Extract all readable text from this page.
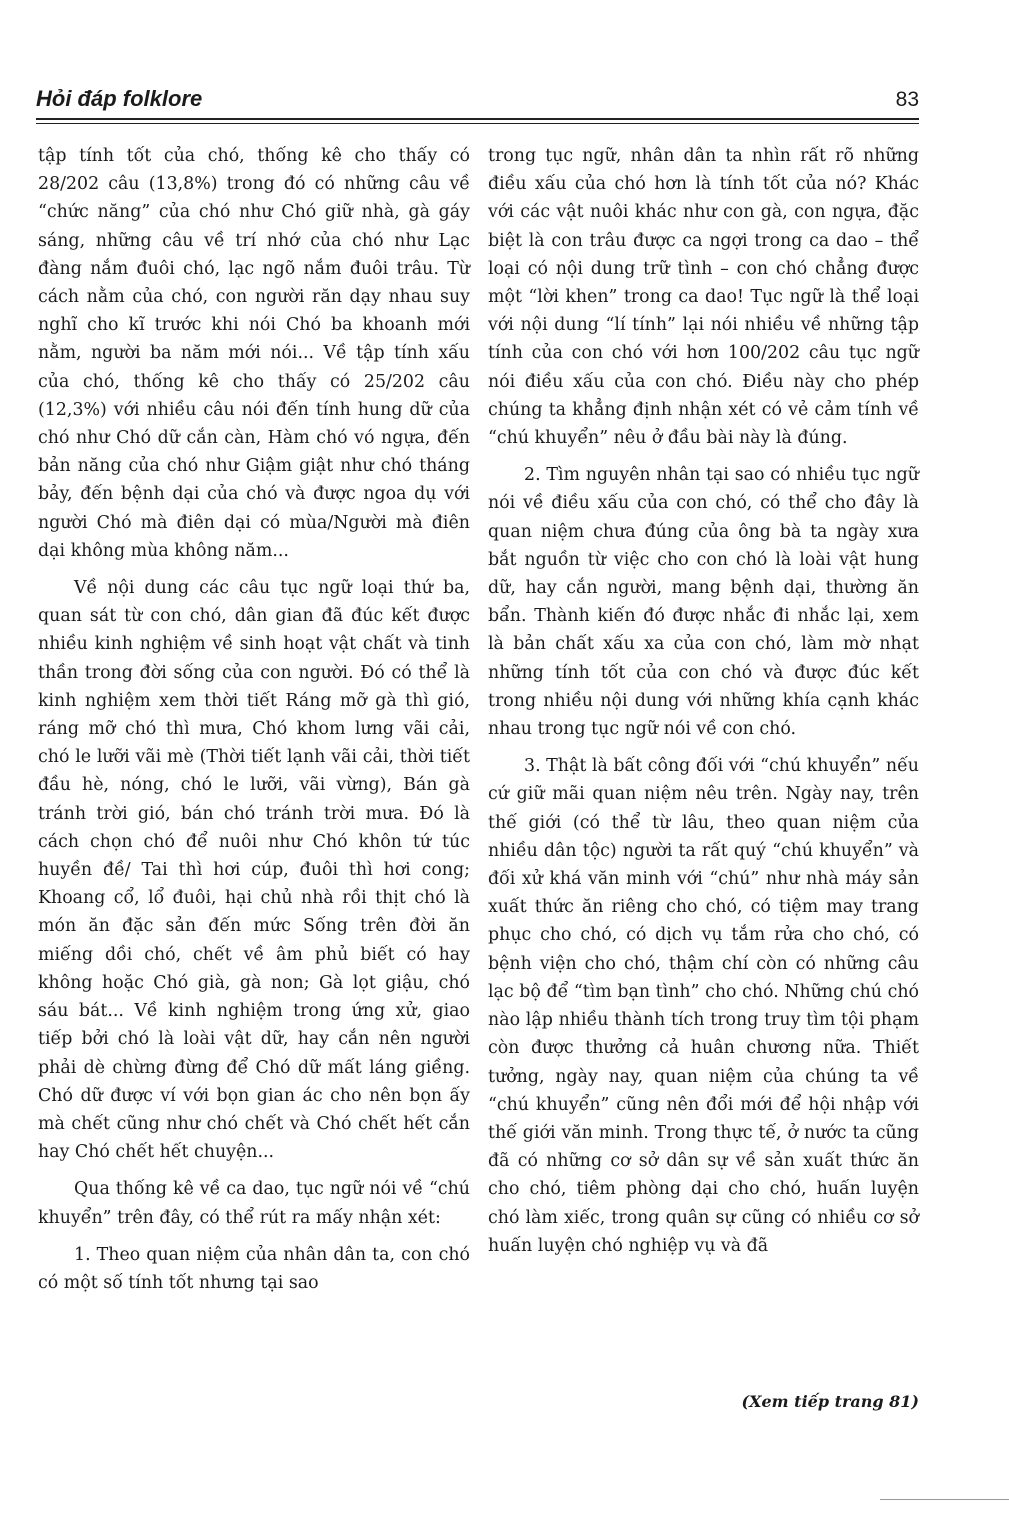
Hỏi đáp folklore	83

tập tính tốt của chó, thống kê cho thấy có 28/202 câu (13,8%) trong đó có những câu về “chức năng” của chó như Chó giữ nhà, gà gáy sáng, những câu về trí nhớ của chó như Lạc đàng nắm đuôi chó, lạc ngõ nắm đuôi trâu. Từ cách nằm của chó, con người răn dạy nhau suy nghĩ cho kĩ trước khi nói Chó ba khoanh mới nằm, người ba năm mới nói... Về tập tính xấu của chó, thống kê cho thấy có 25/202 câu (12,3%) với nhiều câu nói đến tính hung dữ của chó như Chó dữ cắn càn, Hàm chó vó ngựa, đến bản năng của chó như Giậm giật như chó tháng bảy, đến bệnh dại của chó và được ngoa dụ với người Chó mà điên dại có mùa/Người mà điên dại không mùa không năm...

Về nội dung các câu tục ngữ loại thứ ba, quan sát từ con chó, dân gian đã đúc kết được nhiều kinh nghiệm về sinh hoạt vật chất và tinh thần trong đời sống của con người. Đó có thể là kinh nghiệm xem thời tiết Ráng mỡ gà thì gió, ráng mỡ chó thì mưa, Chó khom lưng vãi cải, chó le lưỡi vãi mè (Thời tiết lạnh vãi cải, thời tiết đầu hè, nóng, chó le lưỡi, vãi vừng), Bán gà tránh trời gió, bán chó tránh trời mưa. Đó là cách chọn chó để nuôi như Chó khôn tứ túc huyền đề/ Tai thì hơi cúp, đuôi thì hơi cong; Khoang cổ, lổ đuôi, hại chủ nhà rồi thịt chó là món ăn đặc sản đến mức Sống trên đời ăn miếng dồi chó, chết về âm phủ biết có hay không hoặc Chó già, gà non; Gà lọt giậu, chó sáu bát... Về kinh nghiệm trong ứng xử, giao tiếp bởi chó là loài vật dữ, hay cắn nên người phải dè chừng đừng để Chó dữ mất láng giềng. Chó dữ được ví với bọn gian ác cho nên bọn ấy mà chết cũng như chó chết và Chó chết hết cắn hay Chó chết hết chuyện...

Qua thống kê về ca dao, tục ngữ nói về “chú khuyển” trên đây, có thể rút ra mấy nhận xét:

1. Theo quan niệm của nhân dân ta, con chó có một số tính tốt nhưng tại sao

trong tục ngữ, nhân dân ta nhìn rất rõ những điều xấu của chó hơn là tính tốt của nó? Khác với các vật nuôi khác như con gà, con ngựa, đặc biệt là con trâu được ca ngợi trong ca dao – thể loại có nội dung trữ tình – con chó chẳng được một “lời khen” trong ca dao! Tục ngữ là thể loại với nội dung “lí tính” lại nói nhiều về những tập tính của con chó với hơn 100/202 câu tục ngữ nói điều xấu của con chó. Điều này cho phép chúng ta khẳng định nhận xét có vẻ cảm tính về “chú khuyển” nêu ở đầu bài này là đúng.

2. Tìm nguyên nhân tại sao có nhiều tục ngữ nói về điều xấu của con chó, có thể cho đây là quan niệm chưa đúng của ông bà ta ngày xưa bắt nguồn từ việc cho con chó là loài vật hung dữ, hay cắn người, mang bệnh dại, thường ăn bẩn. Thành kiến đó được nhắc đi nhắc lại, xem là bản chất xấu xa của con chó, làm mờ nhạt những tính tốt của con chó và được đúc kết trong nhiều nội dung với những khía cạnh khác nhau trong tục ngữ nói về con chó.

3. Thật là bất công đối với “chú khuyển” nếu cứ giữ mãi quan niệm nêu trên. Ngày nay, trên thế giới (có thể từ lâu, theo quan niệm của nhiều dân tộc) người ta rất quý “chú khuyển” và đối xử khá văn minh với “chú” như nhà máy sản xuất thức ăn riêng cho chó, có tiệm may trang phục cho chó, có dịch vụ tắm rửa cho chó, có bệnh viện cho chó, thậm chí còn có những câu lạc bộ để “tìm bạn tình” cho chó. Những chú chó nào lập nhiều thành tích trong truy tìm tội phạm còn được thưởng cả huân chương nữa. Thiết tưởng, ngày nay, quan niệm của chúng ta về “chú khuyển” cũng nên đổi mới để hội nhập với thế giới văn minh. Trong thực tế, ở nước ta cũng đã có những cơ sở dân sự về sản xuất thức ăn cho chó, tiêm phòng dại cho chó, huấn luyện chó làm xiếc, trong quân sự cũng có nhiều cơ sở huấn luyện chó nghiệp vụ và đã

(Xem tiếp trang 81)
